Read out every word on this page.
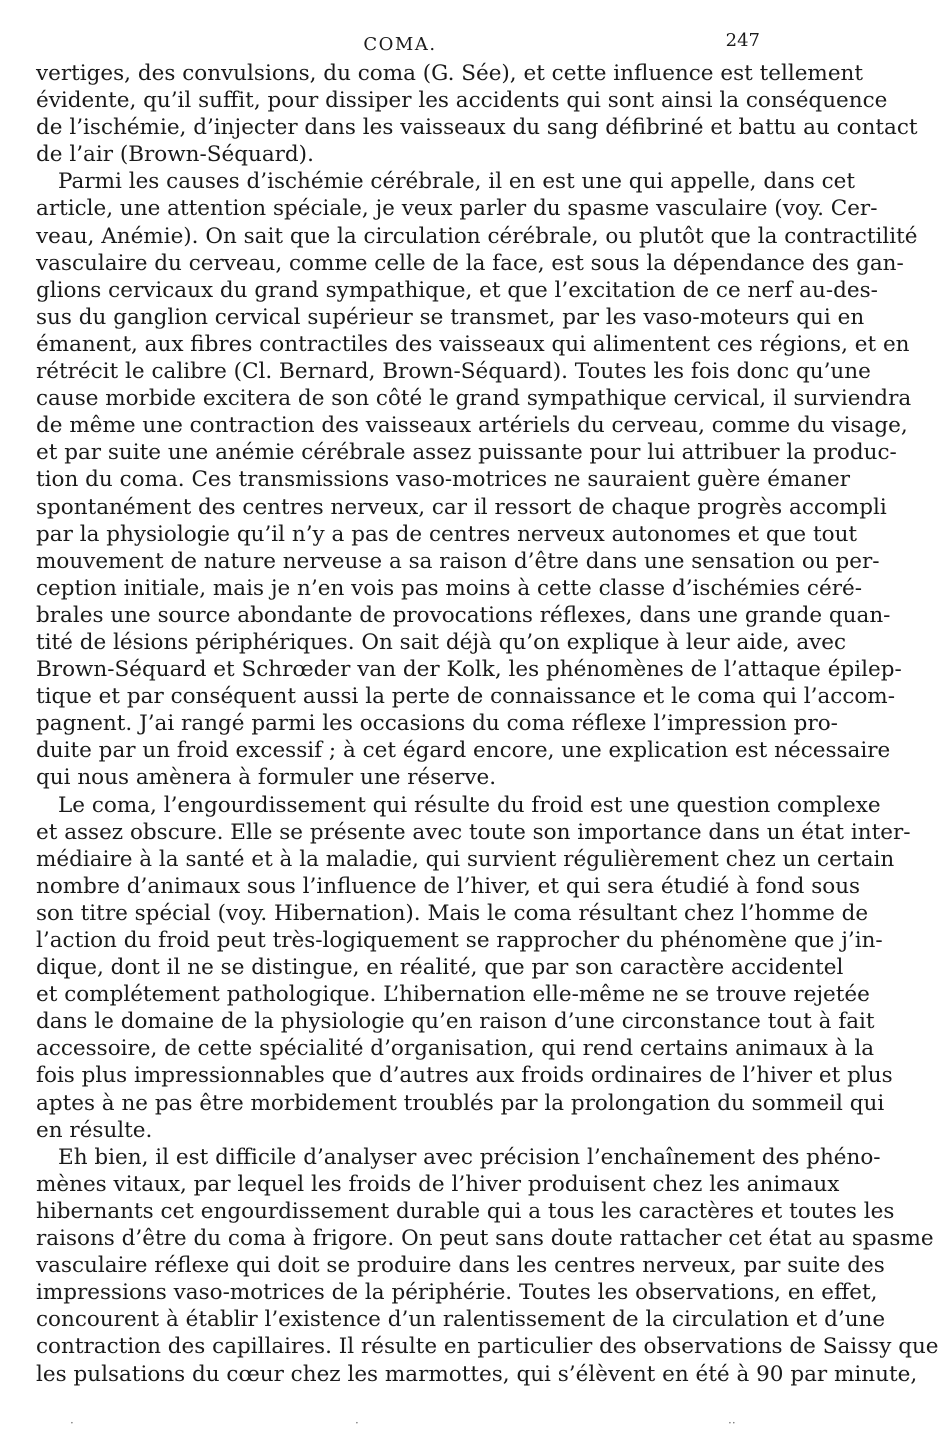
COMA.	247
vertiges, des convulsions, du coma (G. Sée), et cette influence est tellement
évidente, qu’il suffit, pour dissiper les accidents qui sont ainsi la conséquence
de l’ischémie, d’injecter dans les vaisseaux du sang défibriné et battu au contact
de l’air (Brown-Séquard).
Parmi les causes d’ischémie cérébrale, il en est une qui appelle, dans cet
article, une attention spéciale, je veux parler du spasme vasculaire (voy. Cer-
veau, Anémie). On sait que la circulation cérébrale, ou plutôt que la contractilité
vasculaire du cerveau, comme celle de la face, est sous la dépendance des gan-
glions cervicaux du grand sympathique, et que l’excitation de ce nerf au-des-
sus du ganglion cervical supérieur se transmet, par les vaso-moteurs qui en
émanent, aux fibres contractiles des vaisseaux qui alimentent ces régions, et en
rétrécit le calibre (Cl. Bernard, Brown-Séquard). Toutes les fois donc qu’une
cause morbide excitera de son côté le grand sympathique cervical, il surviendra
de même une contraction des vaisseaux artériels du cerveau, comme du visage,
et par suite une anémie cérébrale assez puissante pour lui attribuer la produc-
tion du coma. Ces transmissions vaso-motrices ne sauraient guère émaner
spontanément des centres nerveux, car il ressort de chaque progrès accompli
par la physiologie qu’il n’y a pas de centres nerveux autonomes et que tout
mouvement de nature nerveuse a sa raison d’être dans une sensation ou per-
ception initiale, mais je n’en vois pas moins à cette classe d’ischémies céré-
brales une source abondante de provocations réflexes, dans une grande quan-
tité de lésions périphériques. On sait déjà qu’on explique à leur aide, avec
Brown-Séquard et Schrœder van der Kolk, les phénomènes de l’attaque épilep-
tique et par conséquent aussi la perte de connaissance et le coma qui l’accom-
pagnent. J’ai rangé parmi les occasions du coma réflexe l’impression pro-
duite par un froid excessif ; à cet égard encore, une explication est nécessaire
qui nous amènera à formuler une réserve.
Le coma, l’engourdissement qui résulte du froid est une question complexe
et assez obscure. Elle se présente avec toute son importance dans un état inter-
médiaire à la santé et à la maladie, qui survient régulièrement chez un certain
nombre d’animaux sous l’influence de l’hiver, et qui sera étudié à fond sous
son titre spécial (voy. Hibernation). Mais le coma résultant chez l’homme de
l’action du froid peut très-logiquement se rapprocher du phénomène que j’in-
dique, dont il ne se distingue, en réalité, que par son caractère accidentel
et complétement pathologique. L’hibernation elle-même ne se trouve rejetée
dans le domaine de la physiologie qu’en raison d’une circonstance tout à fait
accessoire, de cette spécialité d’organisation, qui rend certains animaux à la
fois plus impressionnables que d’autres aux froids ordinaires de l’hiver et plus
aptes à ne pas être morbidement troublés par la prolongation du sommeil qui
en résulte.
Eh bien, il est difficile d’analyser avec précision l’enchaînement des phéno-
mènes vitaux, par lequel les froids de l’hiver produisent chez les animaux
hibernants cet engourdissement durable qui a tous les caractères et toutes les
raisons d’être du coma à frigore. On peut sans doute rattacher cet état au spasme
vasculaire réflexe qui doit se produire dans les centres nerveux, par suite des
impressions vaso-motrices de la périphérie. Toutes les observations, en effet,
concourent à établir l’existence d’un ralentissement de la circulation et d’une
contraction des capillaires. Il résulte en particulier des observations de Saissy que
les pulsations du cœur chez les marmottes, qui s’élèvent en été à 90 par minute,
·	·	··
